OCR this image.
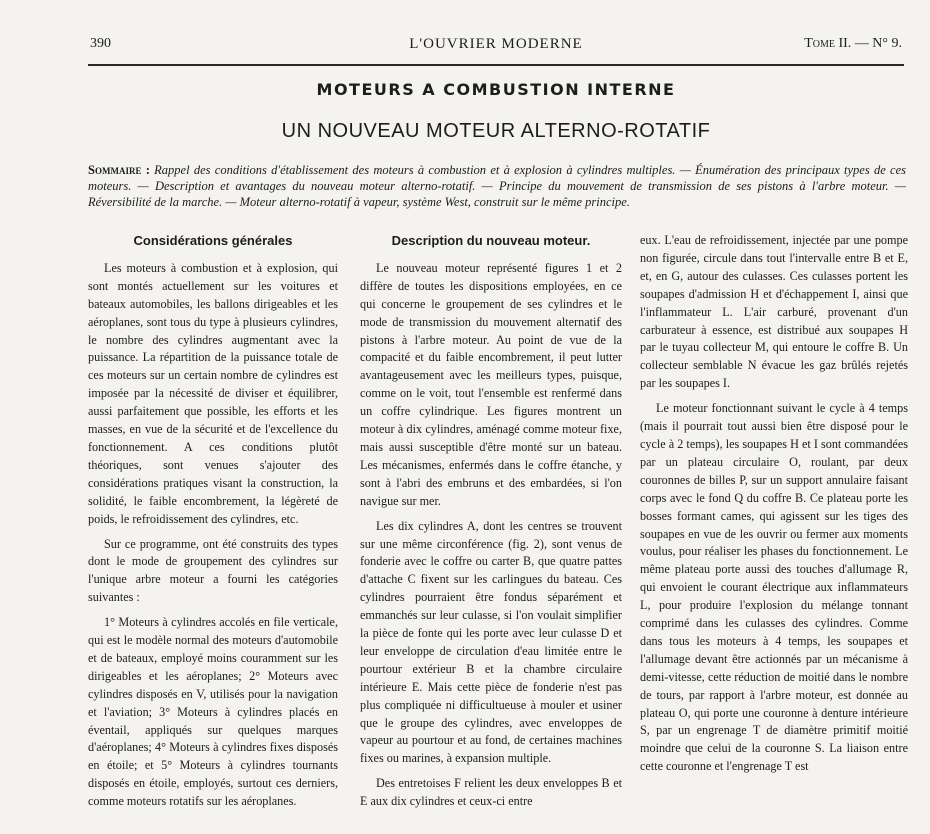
390	L'OUVRIER MODERNE	Tome II. — N° 9.
MOTEURS A COMBUSTION INTERNE
UN NOUVEAU MOTEUR ALTERNO-ROTATIF
Sommaire : Rappel des conditions d'établissement des moteurs à combustion et à explosion à cylindres multiples. — Énumération des principaux types de ces moteurs. — Description et avantages du nouveau moteur alterno-rotatif. — Principe du mouvement de transmission de ses pistons à l'arbre moteur. — Réversibilité de la marche. — Moteur alterno-rotatif à vapeur, système West, construit sur le même principe.
Considérations générales

Les moteurs à combustion et à explosion, qui sont montés actuellement sur les voitures et bateaux automobiles, les ballons dirigeables et les aéroplanes, sont tous du type à plusieurs cylindres, le nombre des cylindres augmentant avec la puissance. La répartition de la puissance totale de ces moteurs sur un certain nombre de cylindres est imposée par la nécessité de diviser et équilibrer, aussi parfaitement que possible, les efforts et les masses, en vue de la sécurité et de l'excellence du fonctionnement. A ces conditions plutôt théoriques, sont venues s'ajouter des considérations pratiques visant la construction, la solidité, le faible encombrement, la légèreté de poids, le refroidissement des cylindres, etc.

Sur ce programme, ont été construits des types dont le mode de groupement des cylindres sur l'unique arbre moteur a fourni les catégories suivantes :

1° Moteurs à cylindres accolés en file verticale, qui est le modèle normal des moteurs d'automobile et de bateaux, employé moins couramment sur les dirigeables et les aéroplanes; 2° Moteurs avec cylindres disposés en V, utilisés pour la navigation et l'aviation; 3° Moteurs à cylindres placés en éventail, appliqués sur quelques marques d'aéroplanes; 4° Moteurs à cylindres fixes disposés en étoile; et 5° Moteurs à cylindres tournants disposés en étoile, employés, surtout ces derniers, comme moteurs rotatifs sur les aéroplanes.

Description du nouveau moteur.

Le nouveau moteur représenté figures 1 et 2 diffère de toutes les dispositions employées, en ce qui concerne le groupement de ses cylindres et le mode de transmission du mouvement alternatif des pistons à l'arbre moteur. Au point de vue de la compacité et du faible encombrement, il peut lutter avantageusement avec les meilleurs types, puisque, comme on le voit, tout l'ensemble est renfermé dans un coffre cylindrique. Les figures montrent un moteur à dix cylindres, aménagé comme moteur fixe, mais aussi susceptible d'être monté sur un bateau. Les mécanismes, enfermés dans le coffre étanche, y sont à l'abri des embruns et des embardées, si l'on navigue sur mer.

Les dix cylindres A, dont les centres se trouvent sur une même circonférence (fig. 2), sont venus de fonderie avec le coffre ou carter B, que quatre pattes d'attache C fixent sur les carlingues du bateau. Ces cylindres pourraient être fondus séparément et emmanchés sur leur culasse, si l'on voulait simplifier la pièce de fonte qui les porte avec leur culasse D et leur enveloppe de circulation d'eau limitée entre le pourtour extérieur B et la chambre circulaire intérieure E. Mais cette pièce de fonderie n'est pas plus compliquée ni difficultueuse à mouler et usiner que le groupe des cylindres, avec enveloppes de vapeur au pourtour et au fond, de certaines machines fixes ou marines, à expansion multiple.

Des entretoises F relient les deux enveloppes B et E aux dix cylindres et ceux-ci entre

eux. L'eau de refroidissement, injectée par une pompe non figurée, circule dans tout l'intervalle entre B et E, et, en G, autour des culasses. Ces culasses portent les soupapes d'admission H et d'échappement I, ainsi que l'inflammateur L. L'air carburé, provenant d'un carburateur à essence, est distribué aux soupapes H par le tuyau collecteur M, qui entoure le coffre B. Un collecteur semblable N évacue les gaz brûlés rejetés par les soupapes I.

Le moteur fonctionnant suivant le cycle à 4 temps (mais il pourrait tout aussi bien être disposé pour le cycle à 2 temps), les soupapes H et I sont commandées par un plateau circulaire O, roulant, par deux couronnes de billes P, sur un support annulaire faisant corps avec le fond Q du coffre B. Ce plateau porte les bosses formant cames, qui agissent sur les tiges des soupapes en vue de les ouvrir ou fermer aux moments voulus, pour réaliser les phases du fonctionnement. Le même plateau porte aussi des touches d'allumage R, qui envoient le courant électrique aux inflammateurs L, pour produire l'explosion du mélange tonnant comprimé dans les culasses des cylindres. Comme dans tous les moteurs à 4 temps, les soupapes et l'allumage devant être actionnés par un mécanisme à demi-vitesse, cette réduction de moitié dans le nombre de tours, par rapport à l'arbre moteur, est donnée au plateau O, qui porte une couronne à denture intérieure S, par un engrenage T de diamètre primitif moitié moindre que celui de la couronne S. La liaison entre cette couronne et l'engrenage T est
